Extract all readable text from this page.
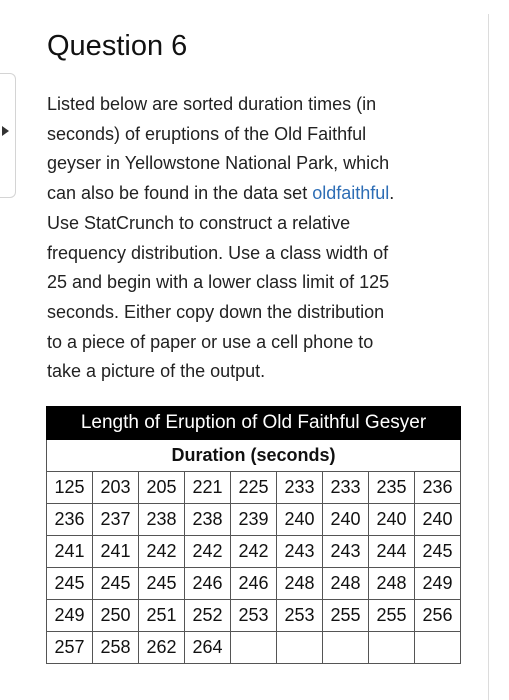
Question 6

Listed below are sorted duration times (in

seconds) of eruptions of the Old Faithful

geyser in Yellowstone National Park, which

can also be found in the data set oldfaithful.

Use StatCrunch to construct a relative

frequency distribution. Use a class width of

25 and begin with a lower class limit of 125

seconds. Either copy down the distribution

to a piece of paper or use a cell phone to

take a picture of the output.

Length of Eruption of Old Faithful Gesyer								
Duration (seconds)								
125	203	205	221	225	233	233	235	236
236	237	238	238	239	240	240	240	240
241	241	242	242	242	243	243	244	245
245	245	245	246	246	248	248	248	249
249	250	251	252	253	253	255	255	256
257	258	262	264					
